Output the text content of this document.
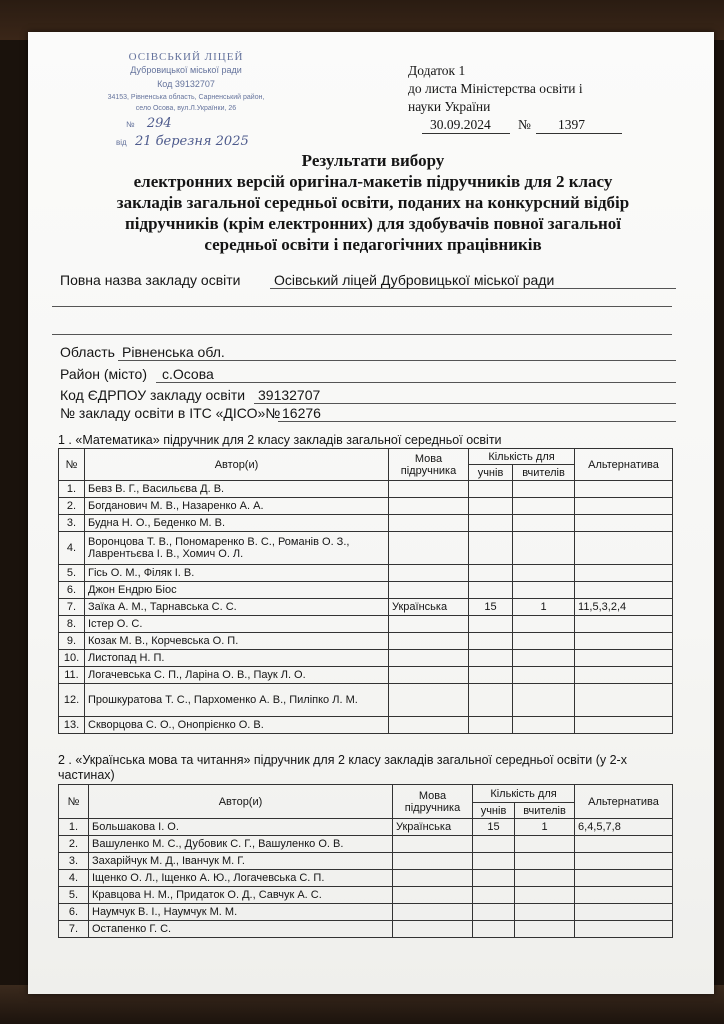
ОСІВСЬКИЙ ЛІЦЕЙ
Дубровицької міської ради
Код 39132707
34153, Рівненська область, Сарненський район,
село Осова, вул.Л.Українки, 26
№ 294
від 21 березня 2025
Додаток 1
до листа Міністерства освіти і
науки України
30.09.2024 № 1397
Результати вибору
електронних версій оригінал-макетів підручників для 2 класу
закладів загальної середньої освіти, поданих на конкурсний відбір
підручників (крім електронних) для здобувачів повної загальної
середньої освіти і педагогічних працівників
Повна назва закладу освіти Осівський ліцей Дубровицької міської ради
Область Рівненська обл.
Район (місто) с.Осова
Код ЄДРПОУ закладу освіти 39132707
№ закладу освіти в ІТС «ДІСО»№ 16276
1 . «Математика» підручник для 2 класу закладів загальної середньої освіти
№	Автор(и)	Мова підручника	Кількість для		Альтернатива
			учнів	вчителів	
1.	Бевз В. Г., Васильєва Д. В.				
2.	Богданович М. В., Назаренко А. А.				
3.	Будна Н. О., Беденко М. В.				
4.	Воронцова Т. В., Пономаренко В. С., Романів О. З., Лаврентьєва І. В., Хомич О. Л.				
5.	Гісь О. М., Філяк І. В.				
6.	Джон Ендрю Біос				
7.	Заїка А. М., Тарнавська С. С.	Українська	15	1	11,5,3,2,4
8.	Істер О. С.				
9.	Козак М. В., Корчевська О. П.				
10.	Листопад Н. П.				
11.	Логачевська С. П., Ларіна О. В., Паук Л. О.				
12.	Прошкуратова Т. С., Пархоменко А. В., Пиліпко Л. М.				
13.	Скворцова С. О., Онопрієнко О. В.				
2 . «Українська мова та читання» підручник для 2 класу закладів загальної середньої освіти (у 2-х частинах)
№	Автор(и)	Мова підручника	Кількість для		Альтернатива
			учнів	вчителів	
1.	Большакова І. О.	Українська	15	1	6,4,5,7,8
2.	Вашуленко М. С., Дубовик С. Г., Вашуленко О. В.				
3.	Захарійчук М. Д., Іванчук М. Г.				
4.	Іщенко О. Л., Іщенко А. Ю., Логачевська С. П.				
5.	Кравцова Н. М., Придаток О. Д., Савчук А. С.				
6.	Наумчук В. І., Наумчук М. М.				
7.	Остапенко Г. С.				
